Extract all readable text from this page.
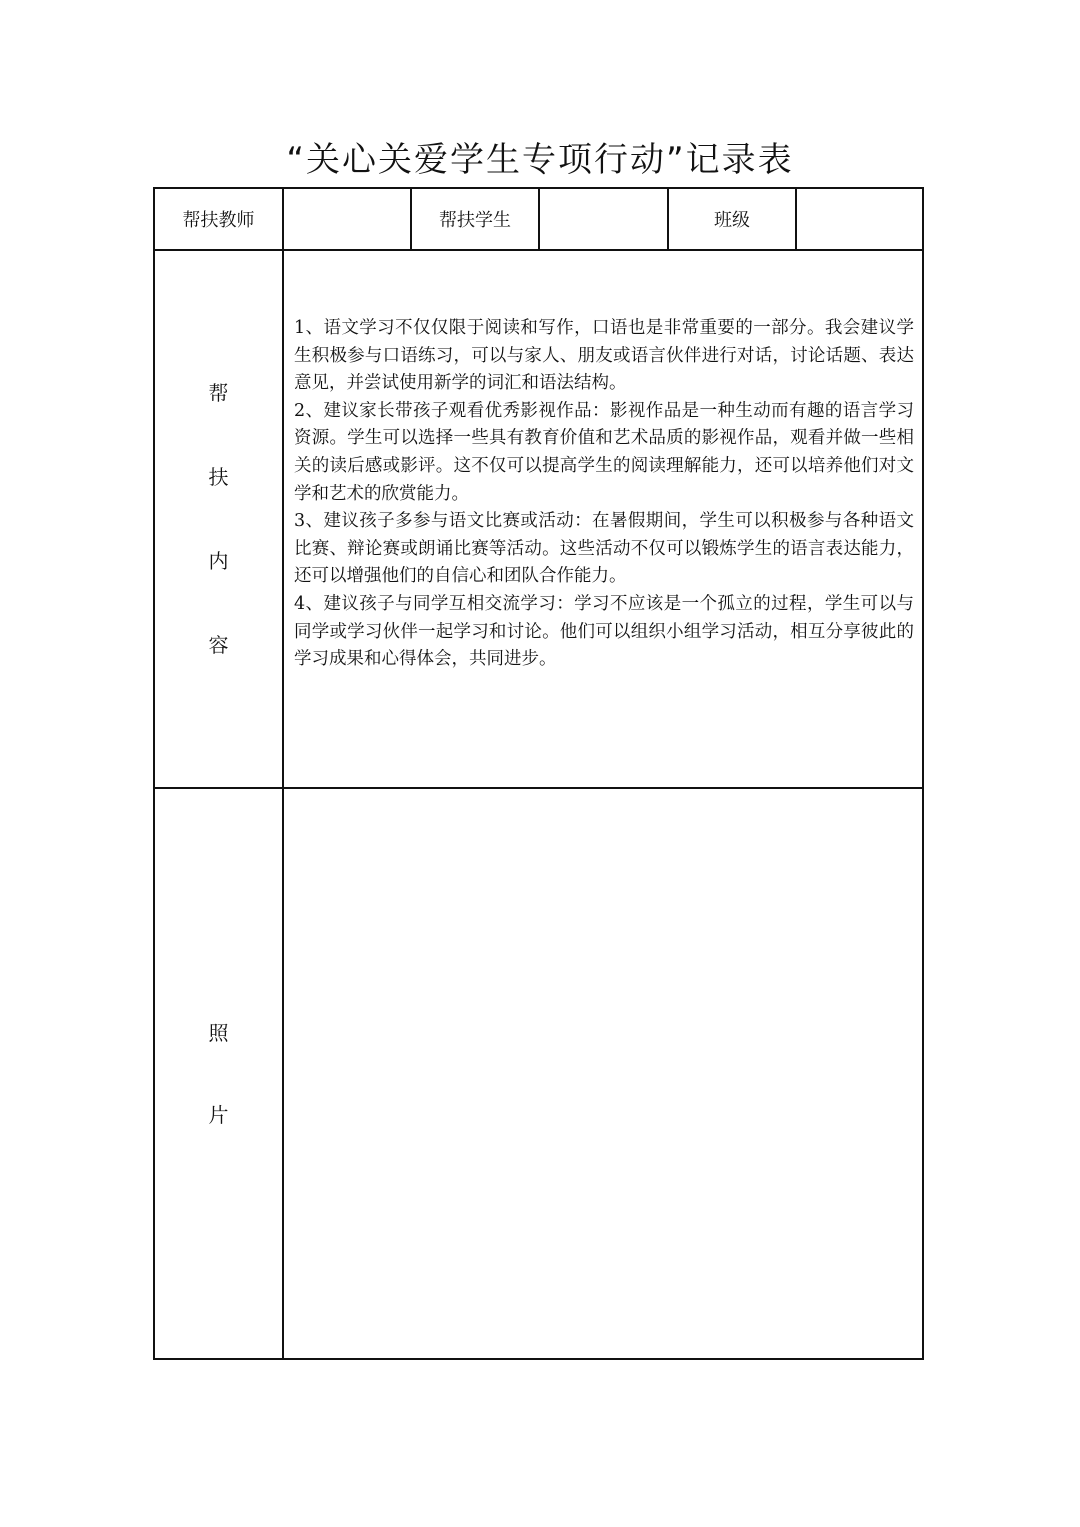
“关心关爱学生专项行动”记录表
帮扶教师	帮扶学生	班级
帮
扶
内
容

1、语文学习不仅仅限于阅读和写作，口语也是非常重要的一部分。我会建议学生积极参与口语练习，可以与家人、朋友或语言伙伴进行对话，讨论话题、表达意见，并尝试使用新学的词汇和语法结构。

2、建议家长带孩子观看优秀影视作品：影视作品是一种生动而有趣的语言学习资源。学生可以选择一些具有教育价值和艺术品质的影视作品，观看并做一些相关的读后感或影评。这不仅可以提高学生的阅读理解能力，还可以培养他们对文学和艺术的欣赏能力。

3、建议孩子多参与语文比赛或活动：在暑假期间，学生可以积极参与各种语文比赛、辩论赛或朗诵比赛等活动。这些活动不仅可以锻炼学生的语言表达能力，还可以增强他们的自信心和团队合作能力。

4、建议孩子与同学互相交流学习：学习不应该是一个孤立的过程，学生可以与同学或学习伙伴一起学习和讨论。他们可以组织小组学习活动，相互分享彼此的学习成果和心得体会，共同进步。

照
片
